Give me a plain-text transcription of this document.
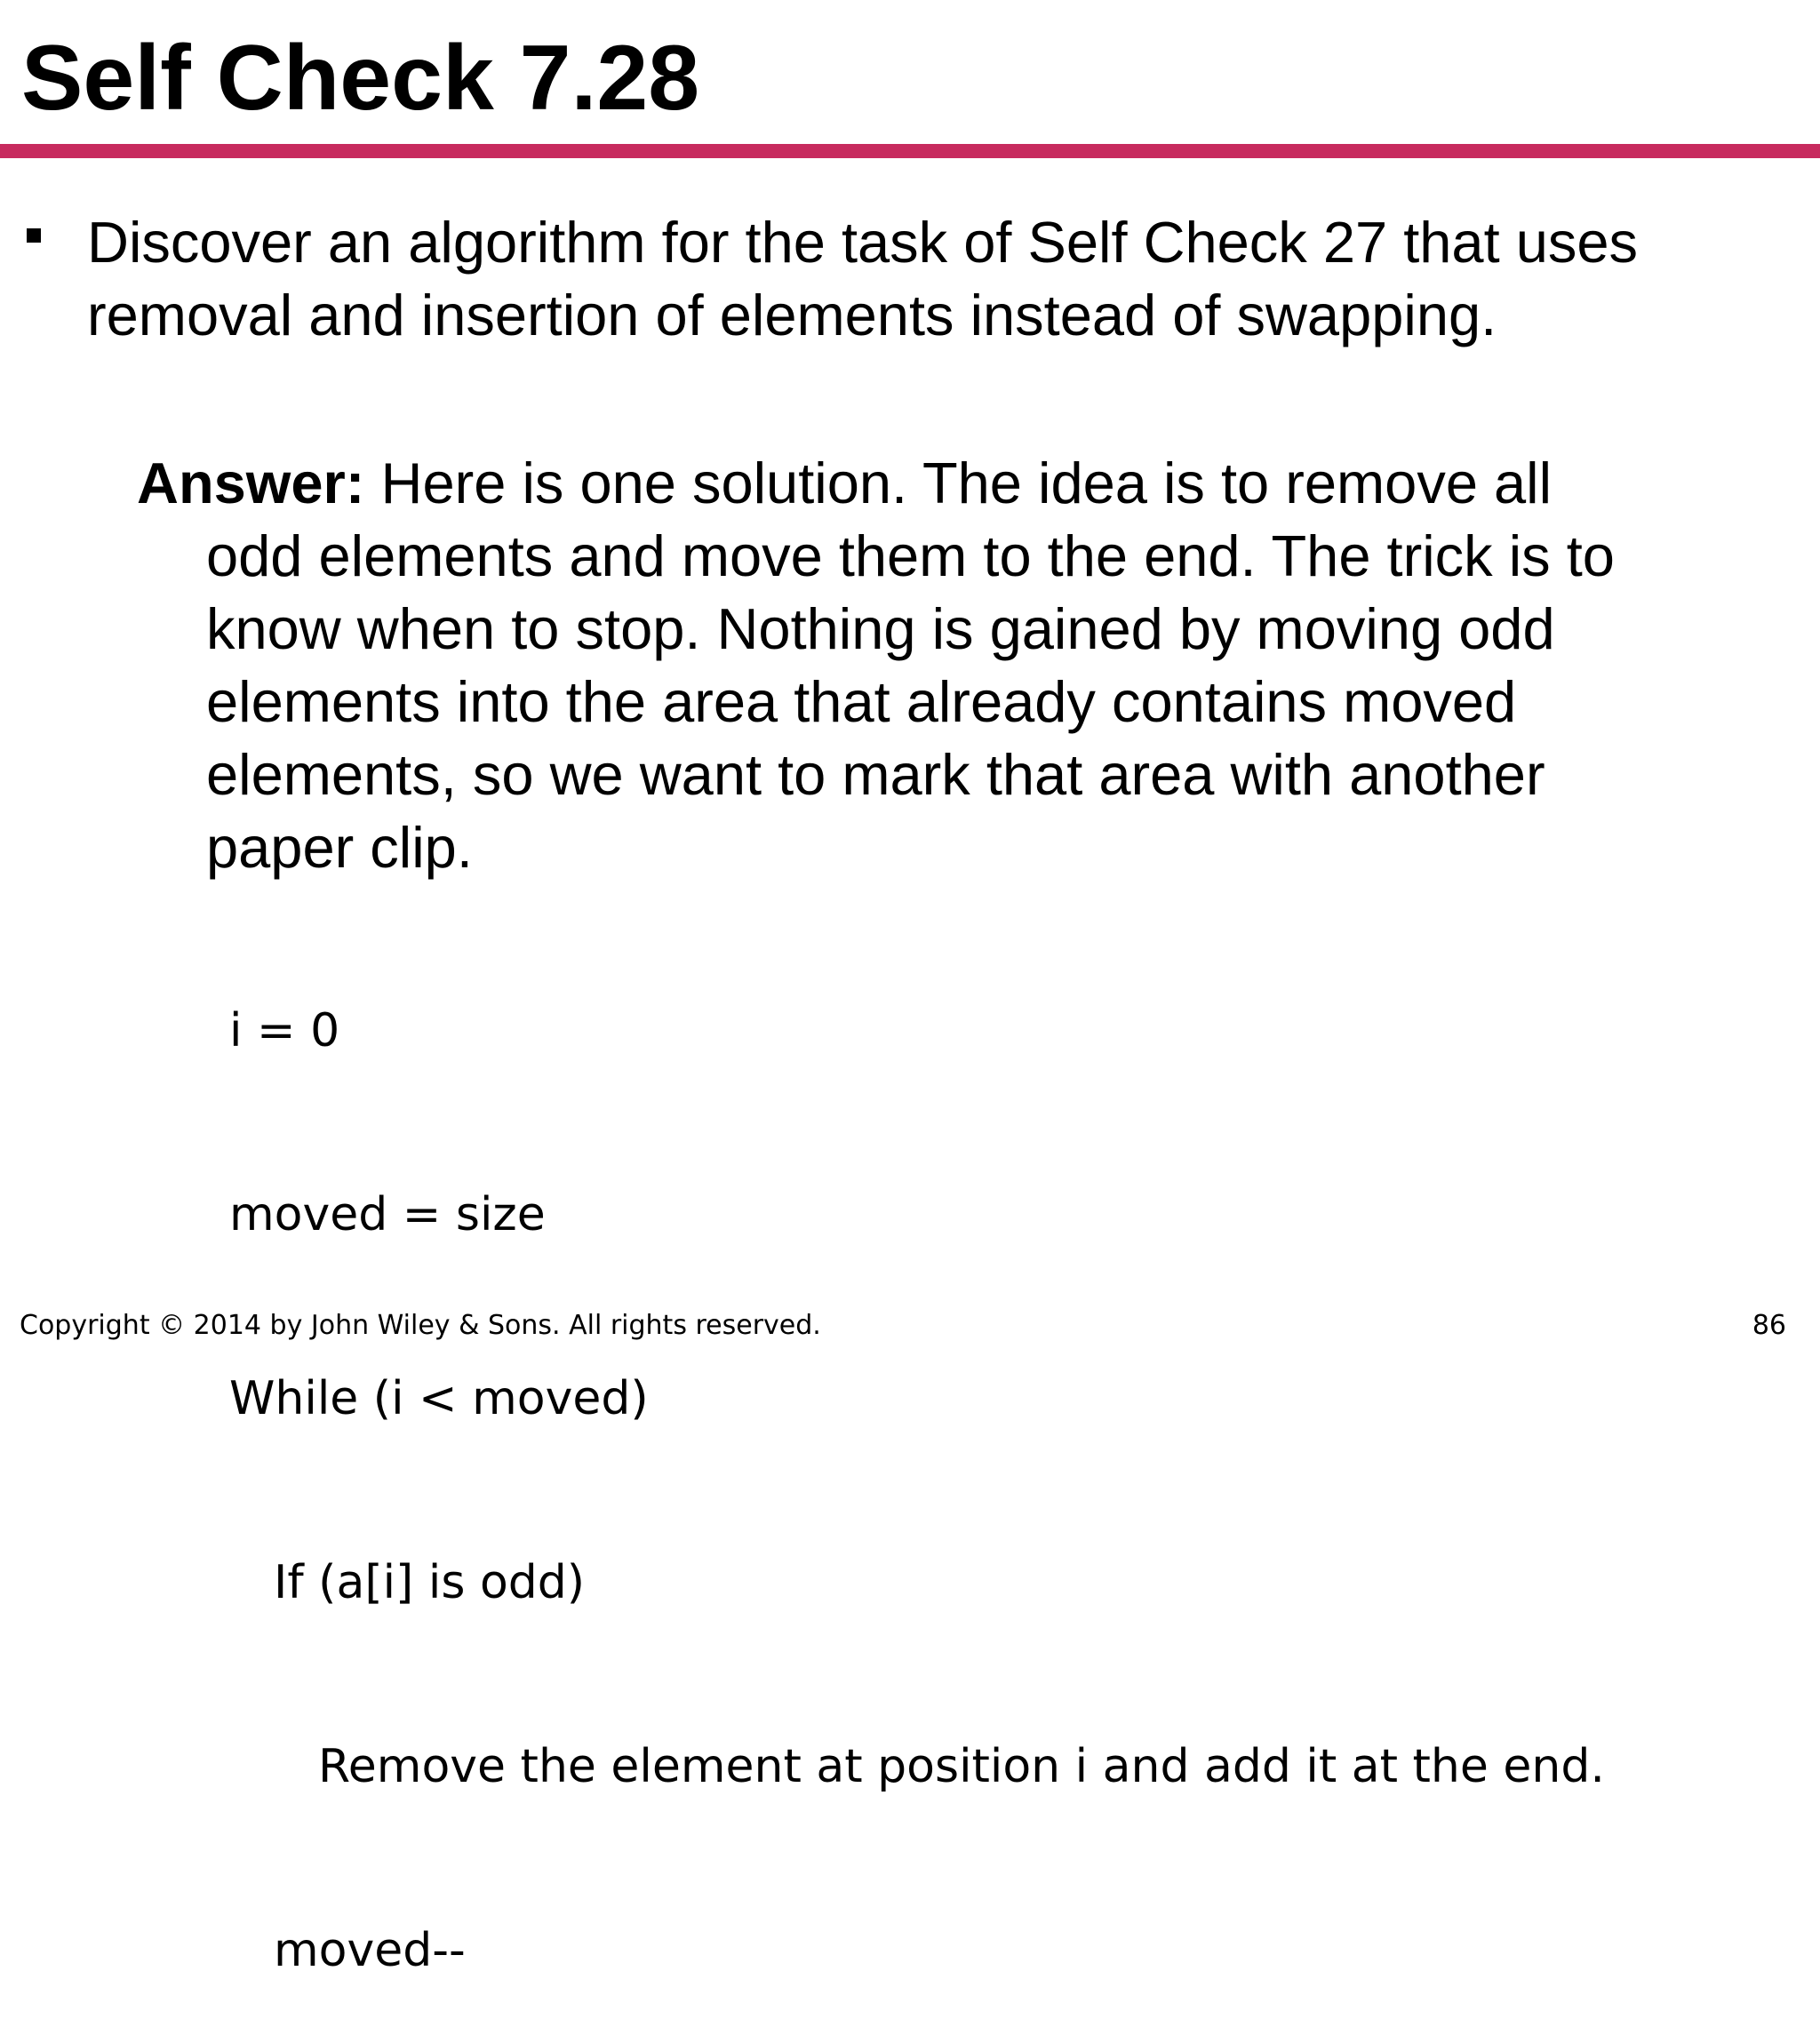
Self Check 7.28
Discover an algorithm for the task of Self Check 27 that uses
removal and insertion of elements instead of swapping.
Answer: Here is one solution. The idea is to remove all
odd elements and move them to the end. The trick is to
know when to stop. Nothing is gained by moving odd
elements into the area that already contains moved
elements, so we want to mark that area with another
paper clip.

i = 0

moved = size

While (i < moved)

If (a[i] is odd)

Remove the element at position i and add it at the end.

moved--

Copyright © 2014 by John Wiley & Sons. All rights reserved.	86
